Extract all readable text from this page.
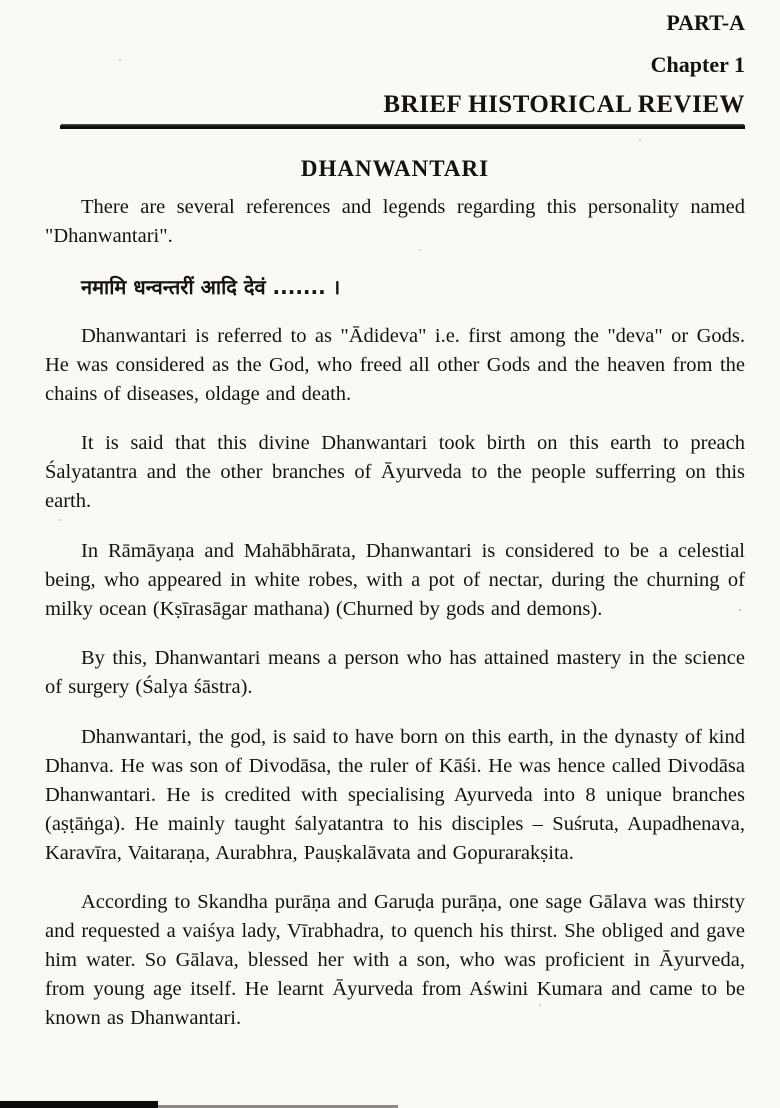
PART-A
Chapter 1
BRIEF HISTORICAL REVIEW
DHANWANTARI

There are several references and legends regarding this personality named "Dhanwantari".

नमामि धन्वन्तरीं आदि देवं ....... ।

Dhanwantari is referred to as "Ādideva" i.e. first among the "deva" or Gods. He was considered as the God, who freed all other Gods and the heaven from the chains of diseases, oldage and death.

It is said that this divine Dhanwantari took birth on this earth to preach Śalyatantra and the other branches of Āyurveda to the people sufferring on this earth.

In Rāmāyaṇa and Mahābhārata, Dhanwantari is considered to be a celestial being, who appeared in white robes, with a pot of nectar, during the churning of milky ocean (Kṣīrasāgar mathana) (Churned by gods and demons).

By this, Dhanwantari means a person who has attained mastery in the science of surgery (Śalya śāstra).

Dhanwantari, the god, is said to have born on this earth, in the dynasty of kind Dhanva. He was son of Divodāsa, the ruler of Kāśi. He was hence called Divodāsa Dhanwantari. He is credited with specialising Ayurveda into 8 unique branches (aṣṭāṅga). He mainly taught śalyatantra to his disciples – Suśruta, Aupadhenava, Karavīra, Vaitaraṇa, Aurabhra, Pauṣkalāvata and Gopurarakṣita.

According to Skandha purāṇa and Garuḍa purāṇa, one sage Gālava was thirsty and requested a vaiśya lady, Vīrabhadra, to quench his thirst. She obliged and gave him water. So Gālava, blessed her with a son, who was proficient in Āyurveda, from young age itself. He learnt Āyurveda from Aświni Kumara and came to be known as Dhanwantari.
